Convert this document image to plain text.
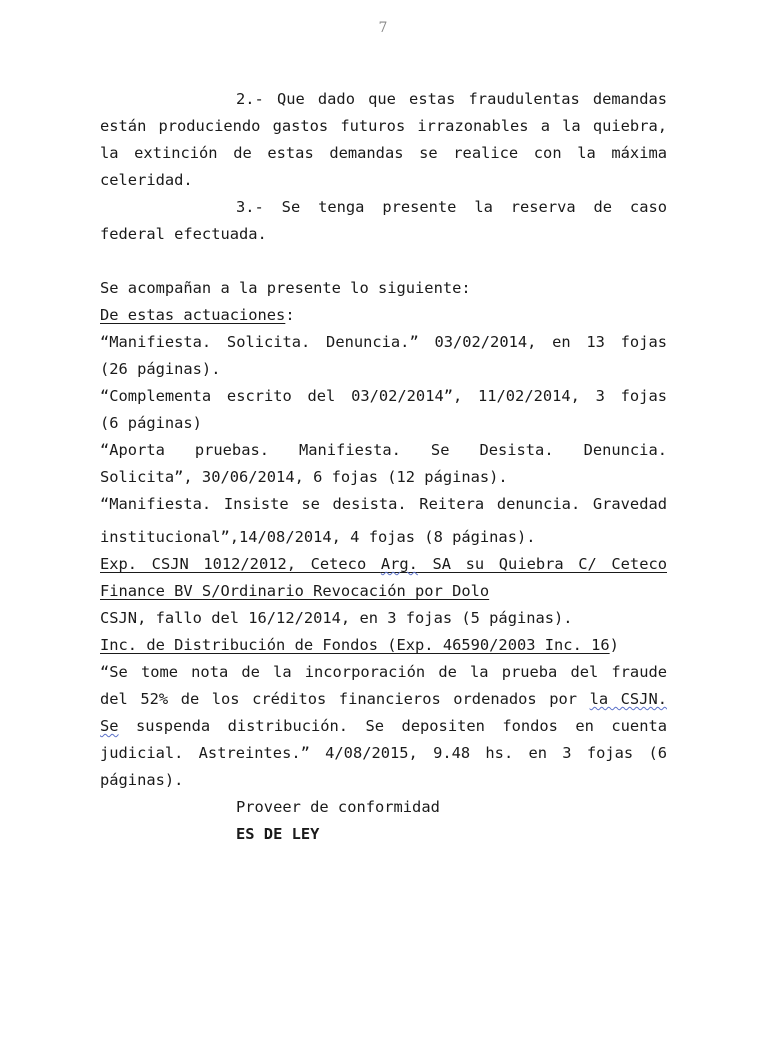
7
2.- Que dado que estas fraudulentas demandas
están produciendo gastos futuros irrazonables a la quiebra,
la extinción de estas demandas se realice con la máxima
celeridad.
3.- Se tenga presente la reserva de caso
federal efectuada.
Se acompañan a la presente lo siguiente:
De estas actuaciones:
“Manifiesta. Solicita. Denuncia.” 03/02/2014, en 13 fojas
(26 páginas).
“Complementa escrito del 03/02/2014”, 11/02/2014, 3 fojas
(6 páginas)
“Aporta pruebas. Manifiesta. Se Desista. Denuncia.
Solicita”, 30/06/2014, 6 fojas (12 páginas).
“Manifiesta. Insiste se desista. Reitera denuncia. Gravedad
institucional”,14/08/2014, 4 fojas (8 páginas).
Exp. CSJN 1012/2012, Ceteco Arg. SA su Quiebra C/ Ceteco
Finance BV S/Ordinario Revocación por Dolo
CSJN, fallo del 16/12/2014, en 3 fojas (5 páginas).
Inc. de Distribución de Fondos (Exp. 46590/2003 Inc. 16)
“Se tome nota de la incorporación de la prueba del fraude
del 52% de los créditos financieros ordenados por la CSJN.
Se suspenda distribución. Se depositen fondos en cuenta
judicial. Astreintes.” 4/08/2015, 9.48 hs. en 3 fojas (6
páginas).
Proveer de conformidad
ES DE LEY
